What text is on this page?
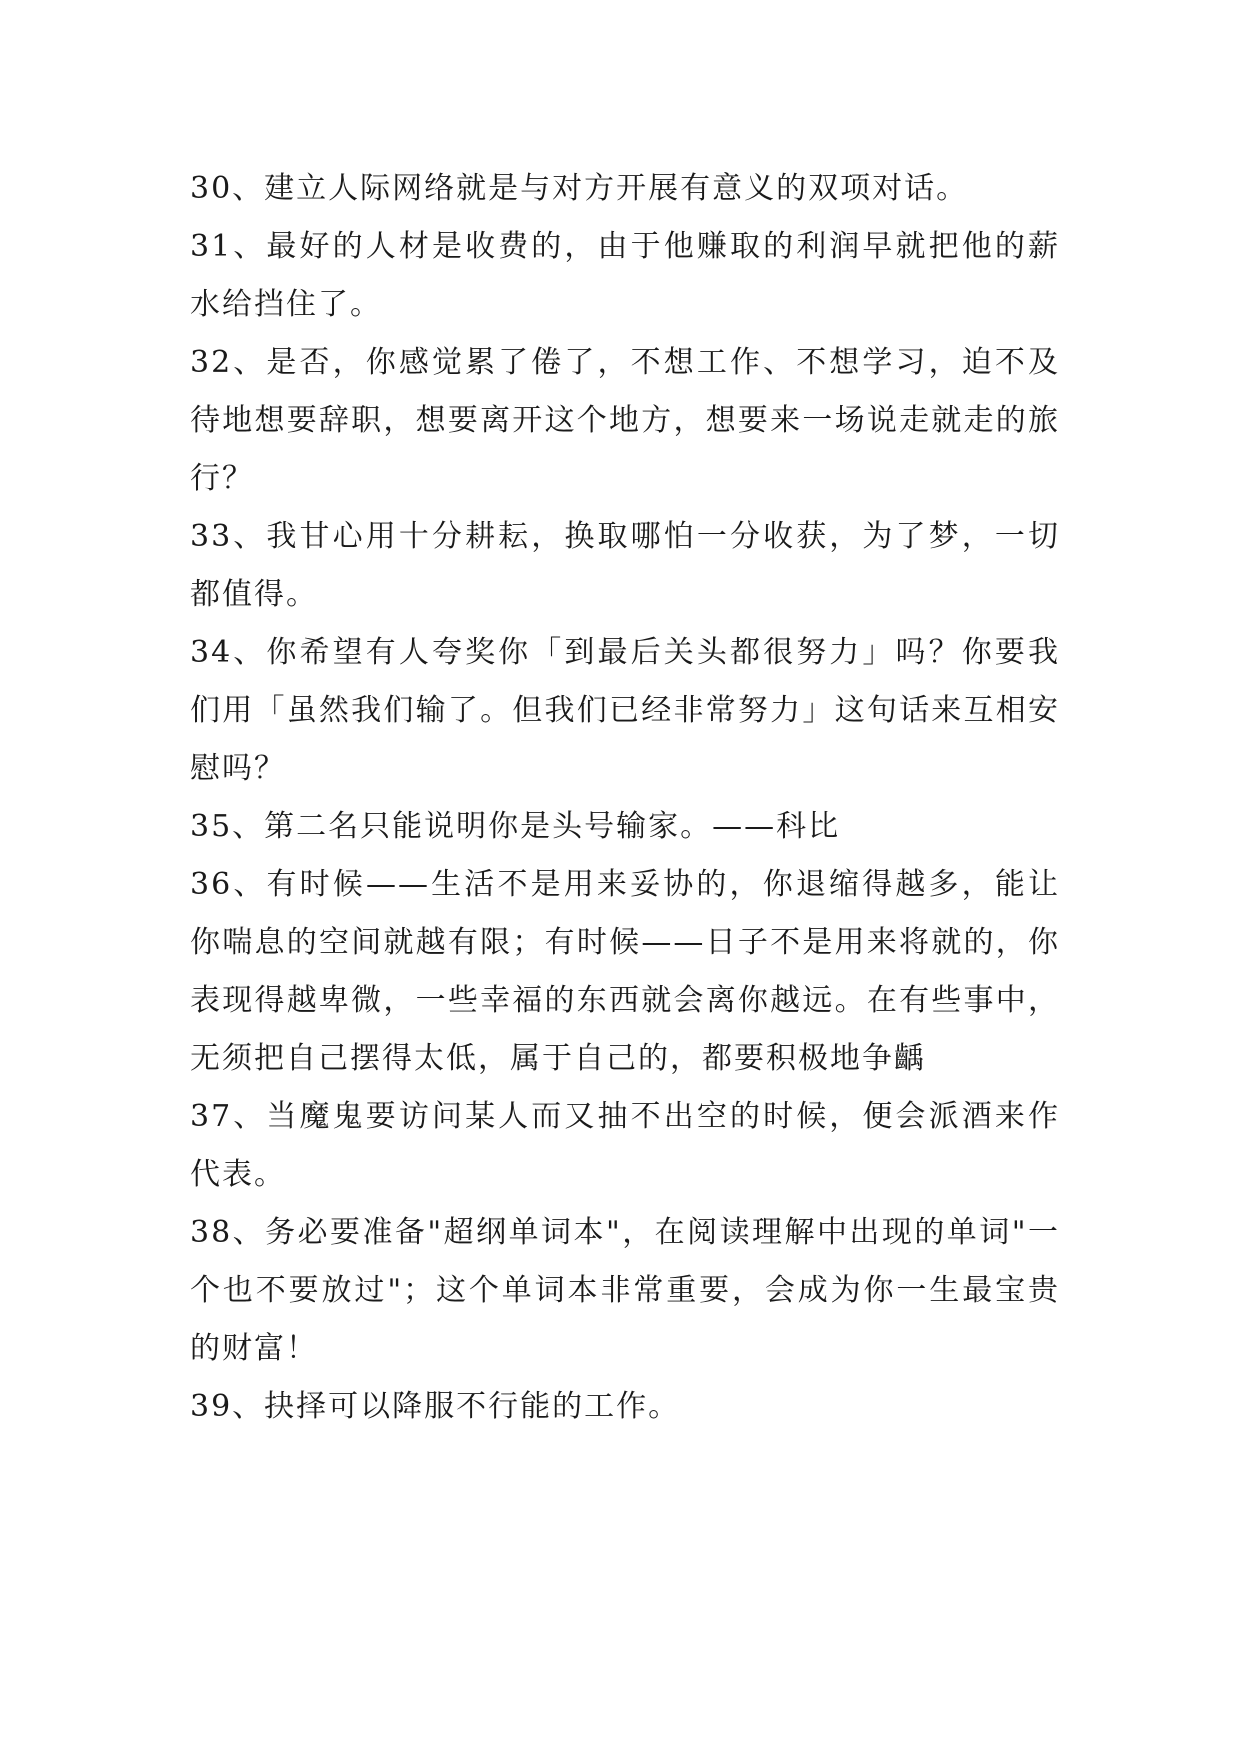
30、建立人际网络就是与对方开展有意义的双项对话。

31、最好的人材是收费的，由于他赚取的利润早就把他的薪水给挡住了。

32、是否，你感觉累了倦了，不想工作、不想学习，迫不及待地想要辞职，想要离开这个地方，想要来一场说走就走的旅行？

33、我甘心用十分耕耘，换取哪怕一分收获，为了梦，一切都值得。

34、你希望有人夸奖你「到最后关头都很努力」吗？你要我们用「虽然我们输了。但我们已经非常努力」这句话来互相安慰吗？

35、第二名只能说明你是头号输家。——科比

36、有时候——生活不是用来妥协的，你退缩得越多，能让你喘息的空间就越有限；有时候——日子不是用来将就的，你表现得越卑微，一些幸福的东西就会离你越远。在有些事中，无须把自己摆得太低，属于自己的，都要积极地争齲

37、当魔鬼要访问某人而又抽不出空的时候，便会派酒来作代表。

38、务必要准备"超纲单词本"，在阅读理解中出现的单词"一个也不要放过"；这个单词本非常重要，会成为你一生最宝贵的财富！

39、抉择可以降服不行能的工作。
